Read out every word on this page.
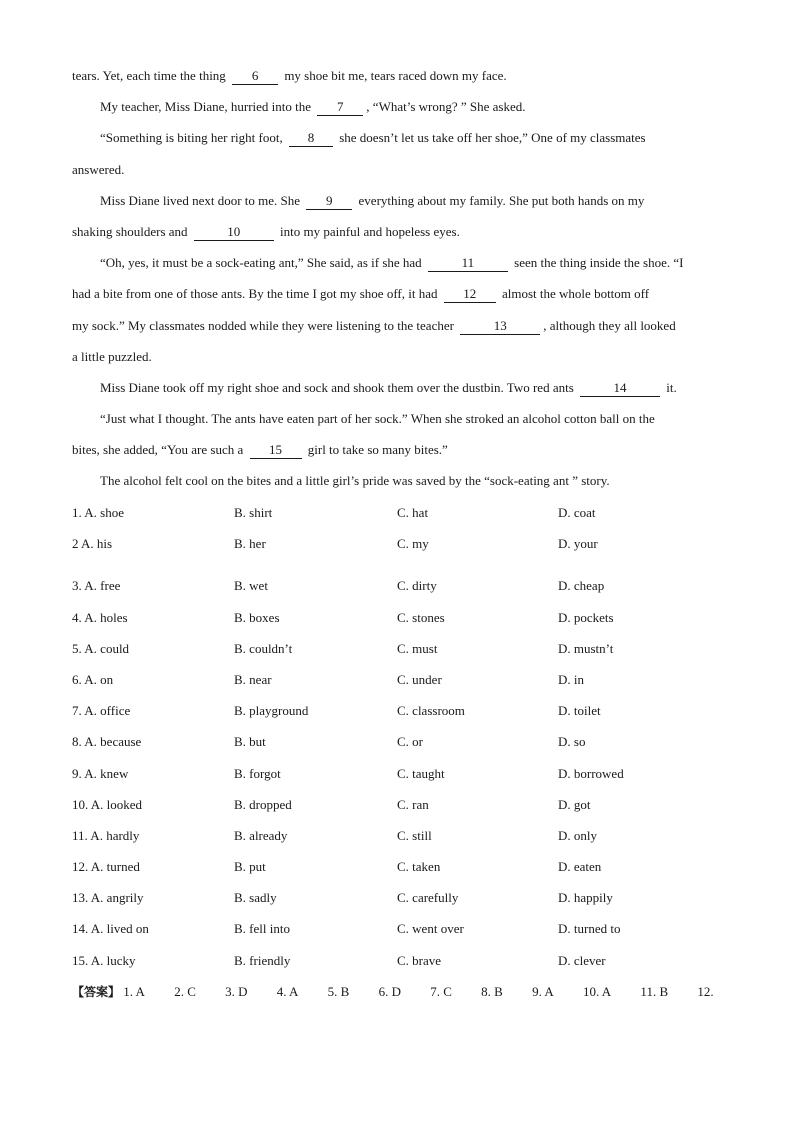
tears. Yet, each time the thing 6 my shoe bit me, tears raced down my face.
My teacher, Miss Diane, hurried into the 7 , “What’s wrong? ” She asked.
“Something is biting her right foot, 8 she doesn’t let us take off her shoe,” One of my classmates
answered.
Miss Diane lived next door to me. She 9 everything about my family. She put both hands on my
shaking shoulders and	10	into my painful and hopeless eyes.
“Oh, yes, it must be a sock-eating ant,” She said, as if she had	11	seen the thing inside the shoe. “I
had a bite from one of those ants. By the time I got my shoe off, it had 12 almost the whole bottom off
my sock.” My classmates nodded while they were listening to the teacher	13	, although they all looked
a little puzzled.
Miss Diane took off my right shoe and sock and shook them over the dustbin. Two red ants	14	it.
“Just what I thought. The ants have eaten part of her sock.” When she stroked an alcohol cotton ball on the
bites, she added, “You are such a 15 girl to take so many bites.”
The alcohol felt cool on the bites and a little girl’s pride was saved by the “sock-eating ant ” story.
1. A. shoe	B. shirt	C. hat	D. coat
2 A. his	B. her	C. my	D. your
3. A. free	B. wet	C. dirty	D. cheap
4. A. holes	B. boxes	C. stones	D. pockets
5. A. could	B. couldn’t	C. must	D. mustn’t
6. A. on	B. near	C. under	D. in
7. A. office	B. playground	C. classroom	D. toilet
8. A. because	B. but	C. or	D. so
9. A. knew	B. forgot	C. taught	D. borrowed
10. A. looked	B. dropped	C. ran	D. got
11. A. hardly	B. already	C. still	D. only
12. A. turned	B. put	C. taken	D. eaten
13. A. angrily	B. sadly	C. carefully	D. happily
14. A. lived on	B. fell into	C. went over	D. turned to
15. A. lucky	B. friendly	C. brave	D. clever
【答案】 1. A 2. C 3. D 4. A 5. B 6. D 7. C 8. B 9. A 10. A 11. B 12.
